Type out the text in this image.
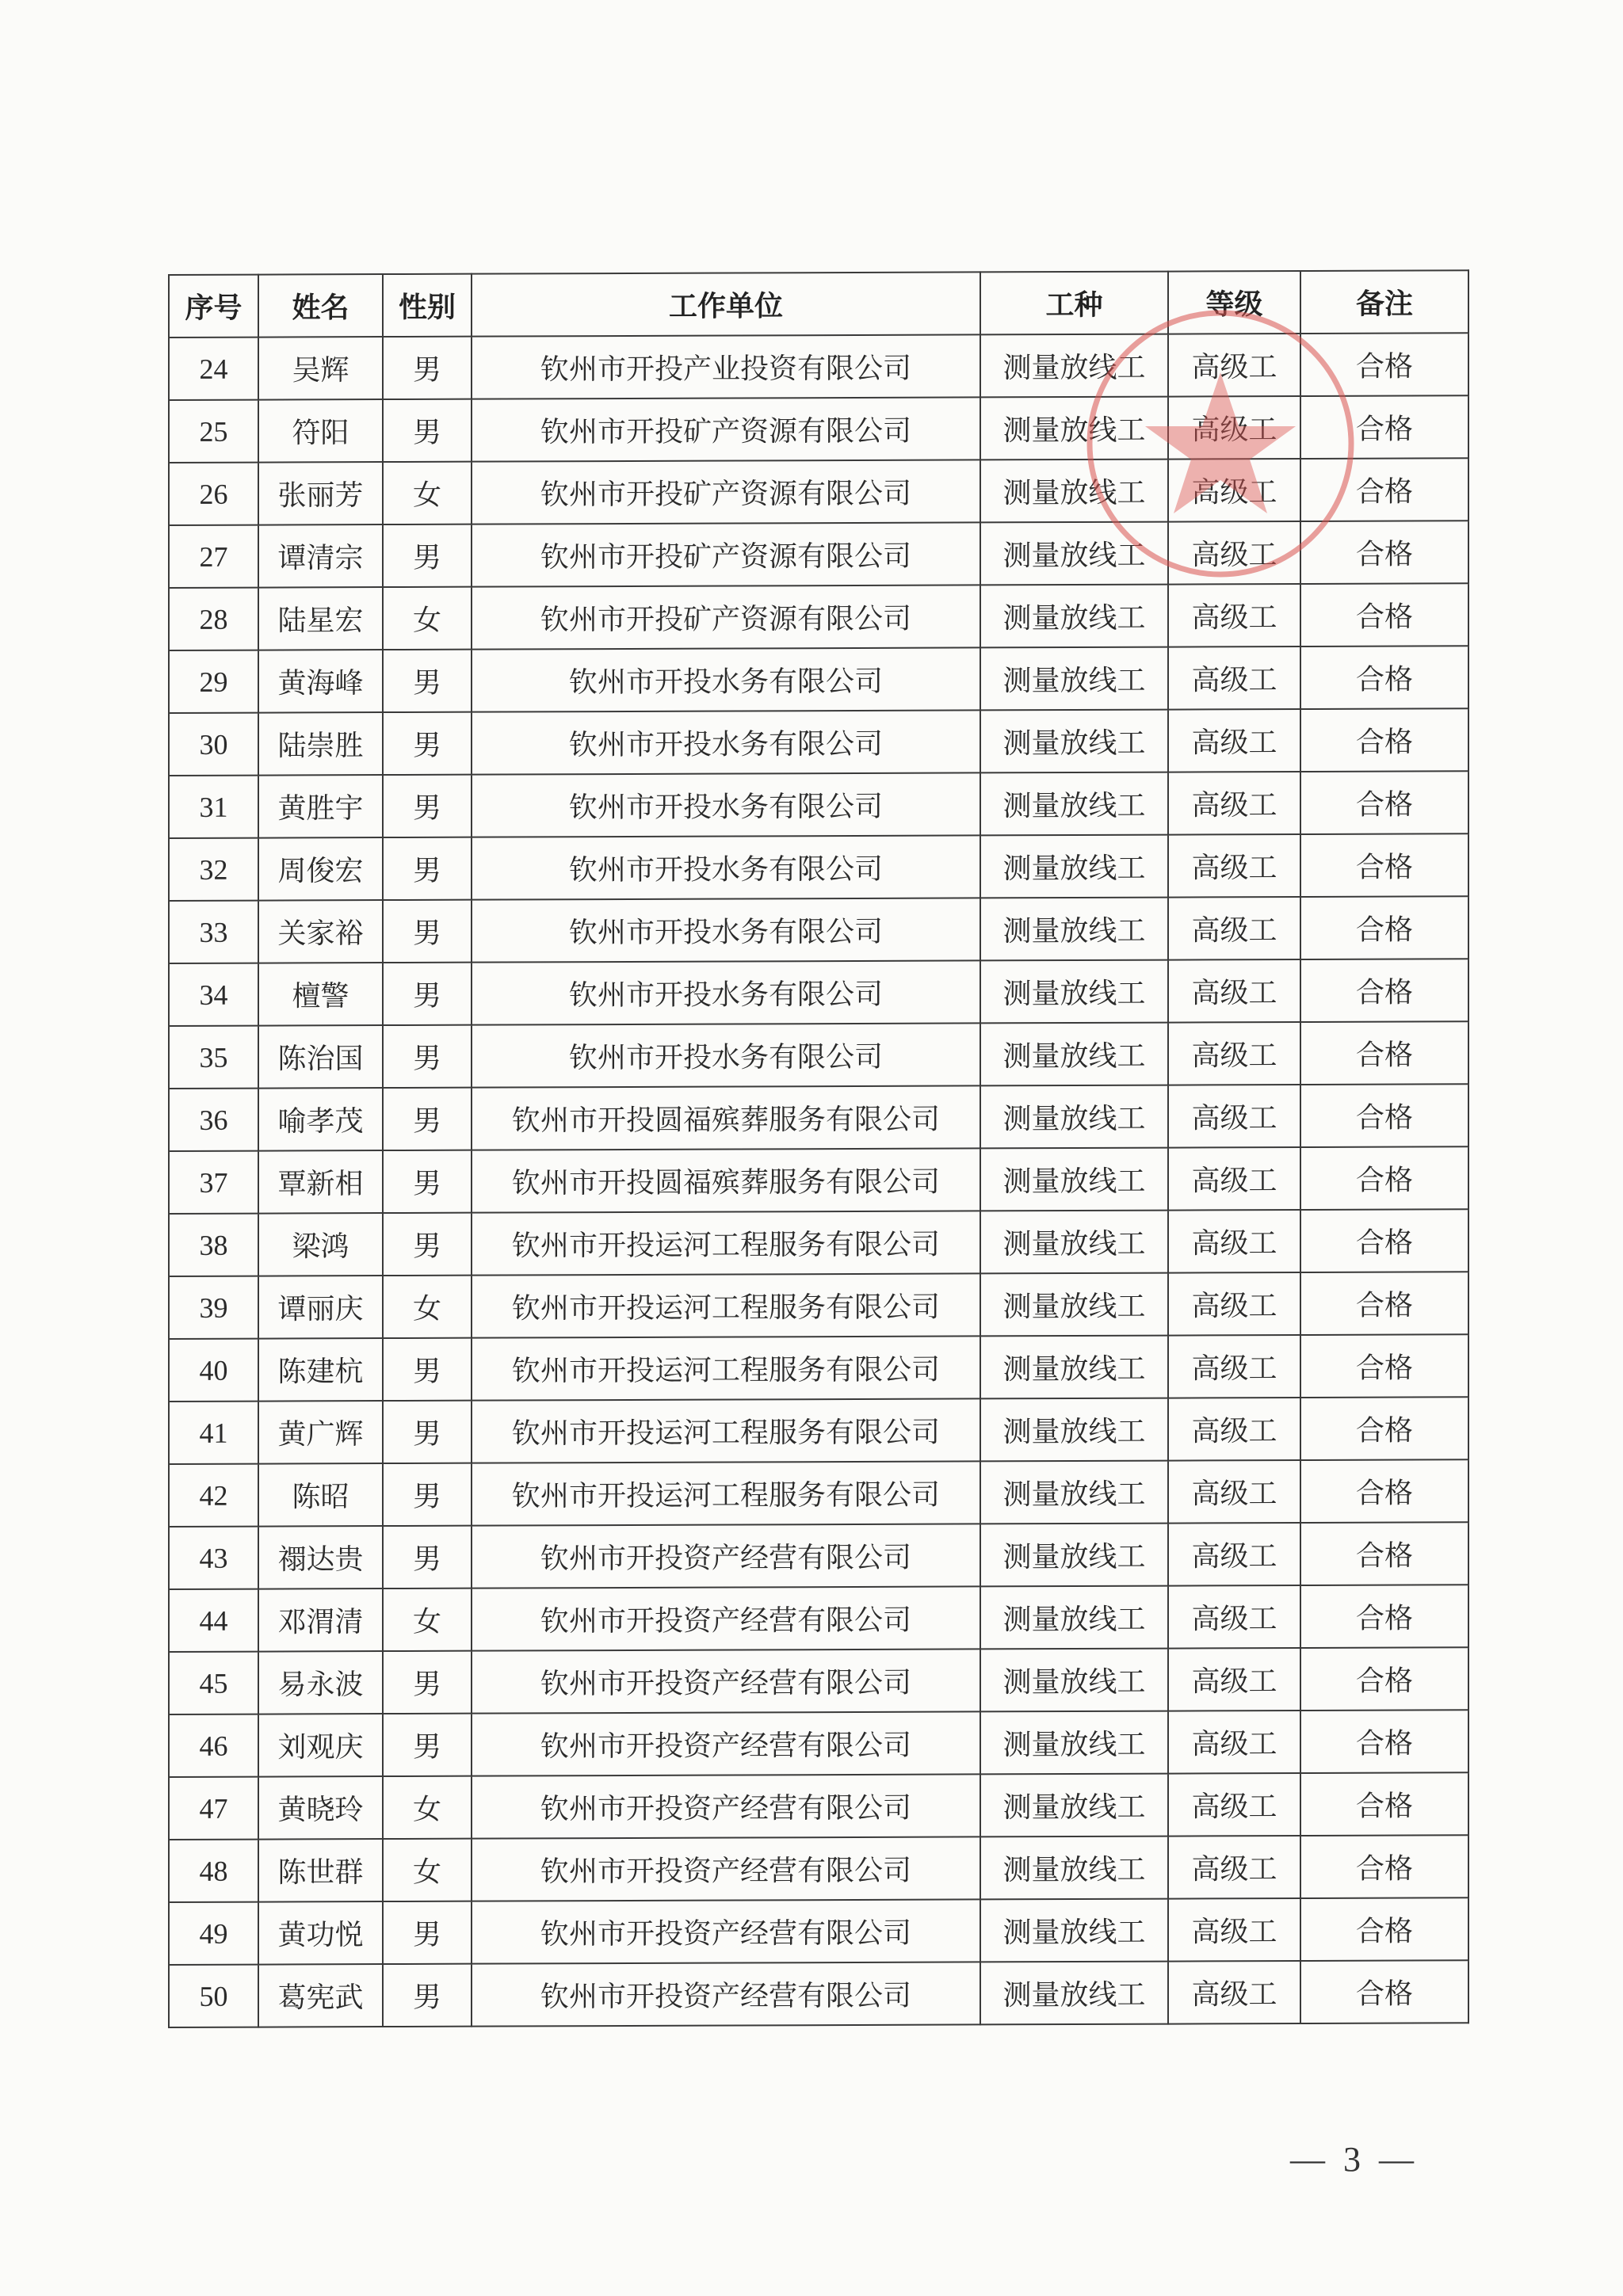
序号	姓名	性别	工作单位	工种	等级	备注
24	吴辉	男	钦州市开投产业投资有限公司	测量放线工	高级工	合格
25	符阳	男	钦州市开投矿产资源有限公司	测量放线工	高级工	合格
26	张丽芳	女	钦州市开投矿产资源有限公司	测量放线工	高级工	合格
27	谭清宗	男	钦州市开投矿产资源有限公司	测量放线工	高级工	合格
28	陆星宏	女	钦州市开投矿产资源有限公司	测量放线工	高级工	合格
29	黄海峰	男	钦州市开投水务有限公司	测量放线工	高级工	合格
30	陆崇胜	男	钦州市开投水务有限公司	测量放线工	高级工	合格
31	黄胜宇	男	钦州市开投水务有限公司	测量放线工	高级工	合格
32	周俊宏	男	钦州市开投水务有限公司	测量放线工	高级工	合格
33	关家裕	男	钦州市开投水务有限公司	测量放线工	高级工	合格
34	檀警	男	钦州市开投水务有限公司	测量放线工	高级工	合格
35	陈治国	男	钦州市开投水务有限公司	测量放线工	高级工	合格
36	喻孝茂	男	钦州市开投圆福殡葬服务有限公司	测量放线工	高级工	合格
37	覃新相	男	钦州市开投圆福殡葬服务有限公司	测量放线工	高级工	合格
38	梁鸿	男	钦州市开投运河工程服务有限公司	测量放线工	高级工	合格
39	谭丽庆	女	钦州市开投运河工程服务有限公司	测量放线工	高级工	合格
40	陈建杭	男	钦州市开投运河工程服务有限公司	测量放线工	高级工	合格
41	黄广辉	男	钦州市开投运河工程服务有限公司	测量放线工	高级工	合格
42	陈昭	男	钦州市开投运河工程服务有限公司	测量放线工	高级工	合格
43	禤达贵	男	钦州市开投资产经营有限公司	测量放线工	高级工	合格
44	邓渭清	女	钦州市开投资产经营有限公司	测量放线工	高级工	合格
45	易永波	男	钦州市开投资产经营有限公司	测量放线工	高级工	合格
46	刘观庆	男	钦州市开投资产经营有限公司	测量放线工	高级工	合格
47	黄晓玲	女	钦州市开投资产经营有限公司	测量放线工	高级工	合格
48	陈世群	女	钦州市开投资产经营有限公司	测量放线工	高级工	合格
49	黄功悦	男	钦州市开投资产经营有限公司	测量放线工	高级工	合格
50	葛宪武	男	钦州市开投资产经营有限公司	测量放线工	高级工	合格
— 3 —
